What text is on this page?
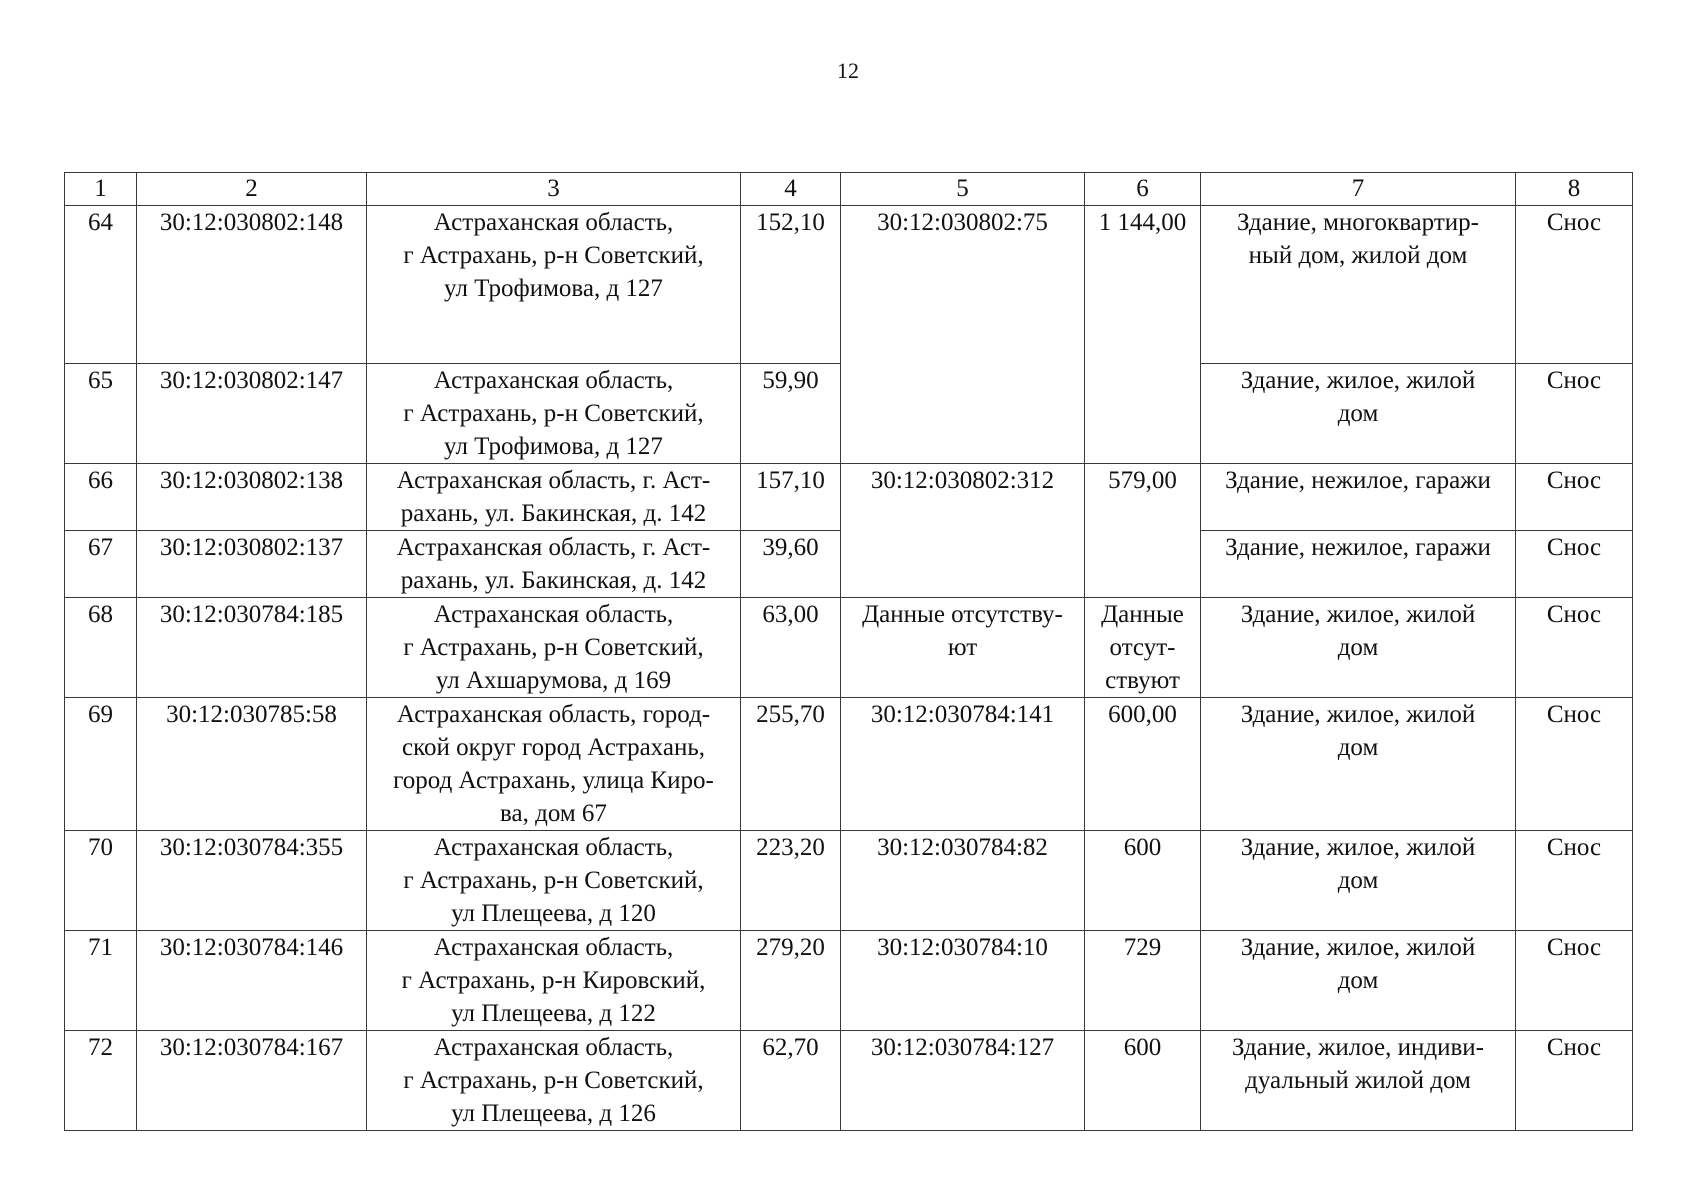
12
1	2	3	4	5	6	7	8
64	30:12:030802:148	Астраханская область,
г Астрахань, р-н Советский,
ул Трофимова, д 127	152,10	30:12:030802:75	1 144,00	Здание, многоквартир-
ный дом, жилой дом	Снос
65	30:12:030802:147	Астраханская область,
г Астрахань, р-н Советский,
ул Трофимова, д 127	59,90			Здание, жилое, жилой
дом	Снос
66	30:12:030802:138	Астраханская область, г. Аст-
рахань, ул. Бакинская, д. 142	157,10	30:12:030802:312	579,00	Здание, нежилое, гаражи	Снос
67	30:12:030802:137	Астраханская область, г. Аст-
рахань, ул. Бакинская, д. 142	39,60			Здание, нежилое, гаражи	Снос
68	30:12:030784:185	Астраханская область,
г Астрахань, р-н Советский,
ул Ахшарумова, д 169	63,00	Данные отсутству-
ют	Данные
отсут-
ствуют	Здание, жилое, жилой
дом	Снос
69	30:12:030785:58	Астраханская область, город-
ской округ город Астрахань,
город Астрахань, улица Киро-
ва, дом 67	255,70	30:12:030784:141	600,00	Здание, жилое, жилой
дом	Снос
70	30:12:030784:355	Астраханская область,
г Астрахань, р-н Советский,
ул Плещеева, д 120	223,20	30:12:030784:82	600	Здание, жилое, жилой
дом	Снос
71	30:12:030784:146	Астраханская область,
г Астрахань, р-н Кировский,
ул Плещеева, д 122	279,20	30:12:030784:10	729	Здание, жилое, жилой
дом	Снос
72	30:12:030784:167	Астраханская область,
г Астрахань, р-н Советский,
ул Плещеева, д 126	62,70	30:12:030784:127	600	Здание, жилое, индиви-
дуальный жилой дом	Снос
